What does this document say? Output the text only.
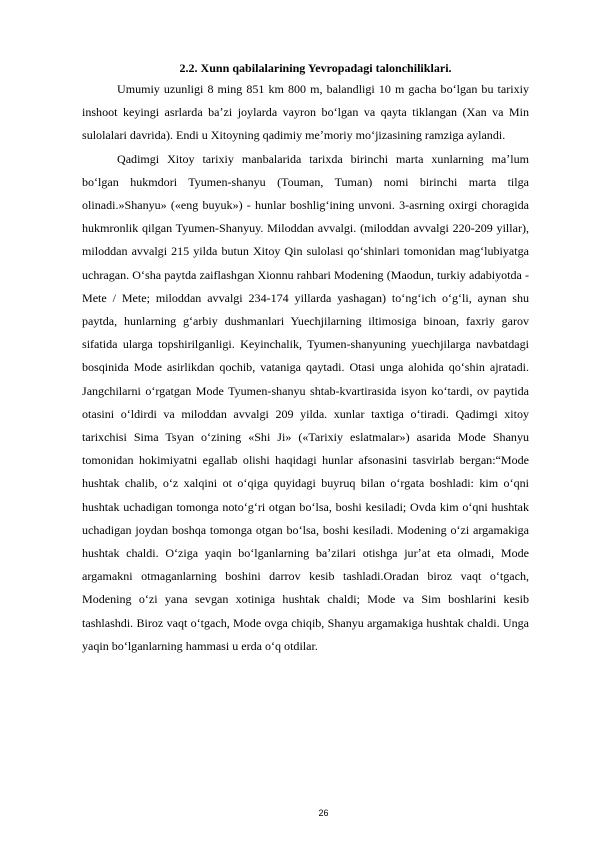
2.2. Xunn qabilalarining Yevropadagi talonchiliklari.

Umumiy uzunligi 8 ming 851 km 800 m, balandligi 10 m gacha bo‘lgan bu tarixiy inshoot keyingi asrlarda baʼzi joylarda vayron bo‘lgan va qayta tiklangan (Xan va Min sulolalari davrida). Endi u Xitoyning qadimiy meʼmoriy mo‘jizasining ramziga aylandi.

Qadimgi Xitoy tarixiy manbalarida tarixda birinchi marta xunlarning maʼlum bo‘lgan hukmdori Tyumen-shanyu (Touman, Tuman) nomi birinchi marta tilga olinadi.»Shanyu» («eng buyuk») - hunlar boshlig‘ining unvoni. 3-asrning oxirgi choragida hukmronlik qilgan Tyumen-Shanyuy. Miloddan avvalgi. (miloddan avvalgi 220-209 yillar), miloddan avvalgi 215 yilda butun Xitoy Qin sulolasi qo‘shinlari tomonidan mag‘lubiyatga uchragan. O‘sha paytda zaiflashgan Xionnu rahbari Modening (Maodun, turkiy adabiyotda - Mete / Mete; miloddan avvalgi 234-174 yillarda yashagan) to‘ng‘ich o‘g‘li, aynan shu paytda, hunlarning g‘arbiy dushmanlari Yuechjilarning iltimosiga binoan, faxriy garov sifatida ularga topshirilganligi. Keyinchalik, Tyumen-shanyuning yuechjilarga navbatdagi bosqinida Mode asirlikdan qochib, vataniga qaytadi. Otasi unga alohida qo‘shin ajratadi. Jangchilarni o‘rgatgan Mode Tyumen-shanyu shtab-kvartirasida isyon ko‘tardi, ov paytida otasini o‘ldirdi va miloddan avvalgi 209 yilda. xunlar taxtiga o‘tiradi. Qadimgi xitoy tarixchisi Sima Tsyan o‘zining «Shi Ji» («Tarixiy eslatmalar») asarida Mode Shanyu tomonidan hokimiyatni egallab olishi haqidagi hunlar afsonasini tasvirlab bergan:“Mode hushtak chalib, o‘z xalqini ot o‘qiga quyidagi buyruq bilan o‘rgata boshladi: kim o‘qni hushtak uchadigan tomonga noto‘g‘ri otgan bo‘lsa, boshi kesiladi; Ovda kim o‘qni hushtak uchadigan joydan boshqa tomonga otgan bo‘lsa, boshi kesiladi. Modening o‘zi argamakiga hushtak chaldi. O‘ziga yaqin bo‘lganlarning baʼzilari otishga jurʼat eta olmadi, Mode argamakni otmaganlarning boshini darrov kesib tashladi.Oradan biroz vaqt o‘tgach, Modening o‘zi yana sevgan xotiniga hushtak chaldi; Mode va Sim boshlarini kesib tashlashdi. Biroz vaqt o‘tgach, Mode ovga chiqib, Shanyu argamakiga hushtak chaldi. Unga yaqin bo‘lganlarning hammasi u erda o‘q otdilar.

26
